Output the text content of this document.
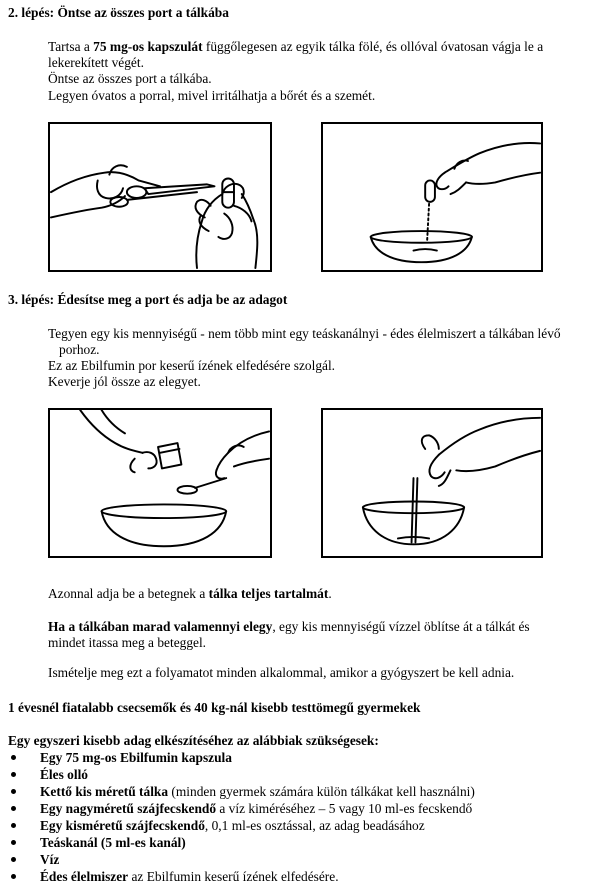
2. lépés: Öntse az összes port a tálkába
Tartsa a 75 mg-os kapszulát függőlegesen az egyik tálka fölé, és ollóval óvatosan vágja le a
lekerekített végét.
Öntse az összes port a tálkába.
Legyen óvatos a porral, mivel irritálhatja a bőrét és a szemét.
3. lépés: Édesítse meg a port és adja be az adagot
Tegyen egy kis mennyiségű - nem több mint egy teáskanálnyi - édes élelmiszert a tálkában lévő
porhoz.
Ez az Ebilfumin por keserű ízének elfedésére szolgál.
Keverje jól össze az elegyet.
Azonnal adja be a betegnek a tálka teljes tartalmát.
Ha a tálkában marad valamennyi elegy, egy kis mennyiségű vízzel öblítse át a tálkát és
mindet itassa meg a beteggel.
Ismételje meg ezt a folyamatot minden alkalommal, amikor a gyógyszert be kell adnia.
1 évesnél fiatalabb csecsemők és 40 kg-nál kisebb testtömegű gyermekek
Egy egyszeri kisebb adag elkészítéséhez az alábbiak szükségesek:
Egy 75 mg-os Ebilfumin kapszula
Éles olló
Kettő kis méretű tálka (minden gyermek számára külön tálkákat kell használni)
Egy nagyméretű szájfecskendő a víz kiméréséhez – 5 vagy 10 ml-es fecskendő
Egy kisméretű szájfecskendő, 0,1 ml-es osztással, az adag beadásához
Teáskanál (5 ml-es kanál)
Víz
Édes élelmiszer az Ebilfumin keserű ízének elfedésére.
